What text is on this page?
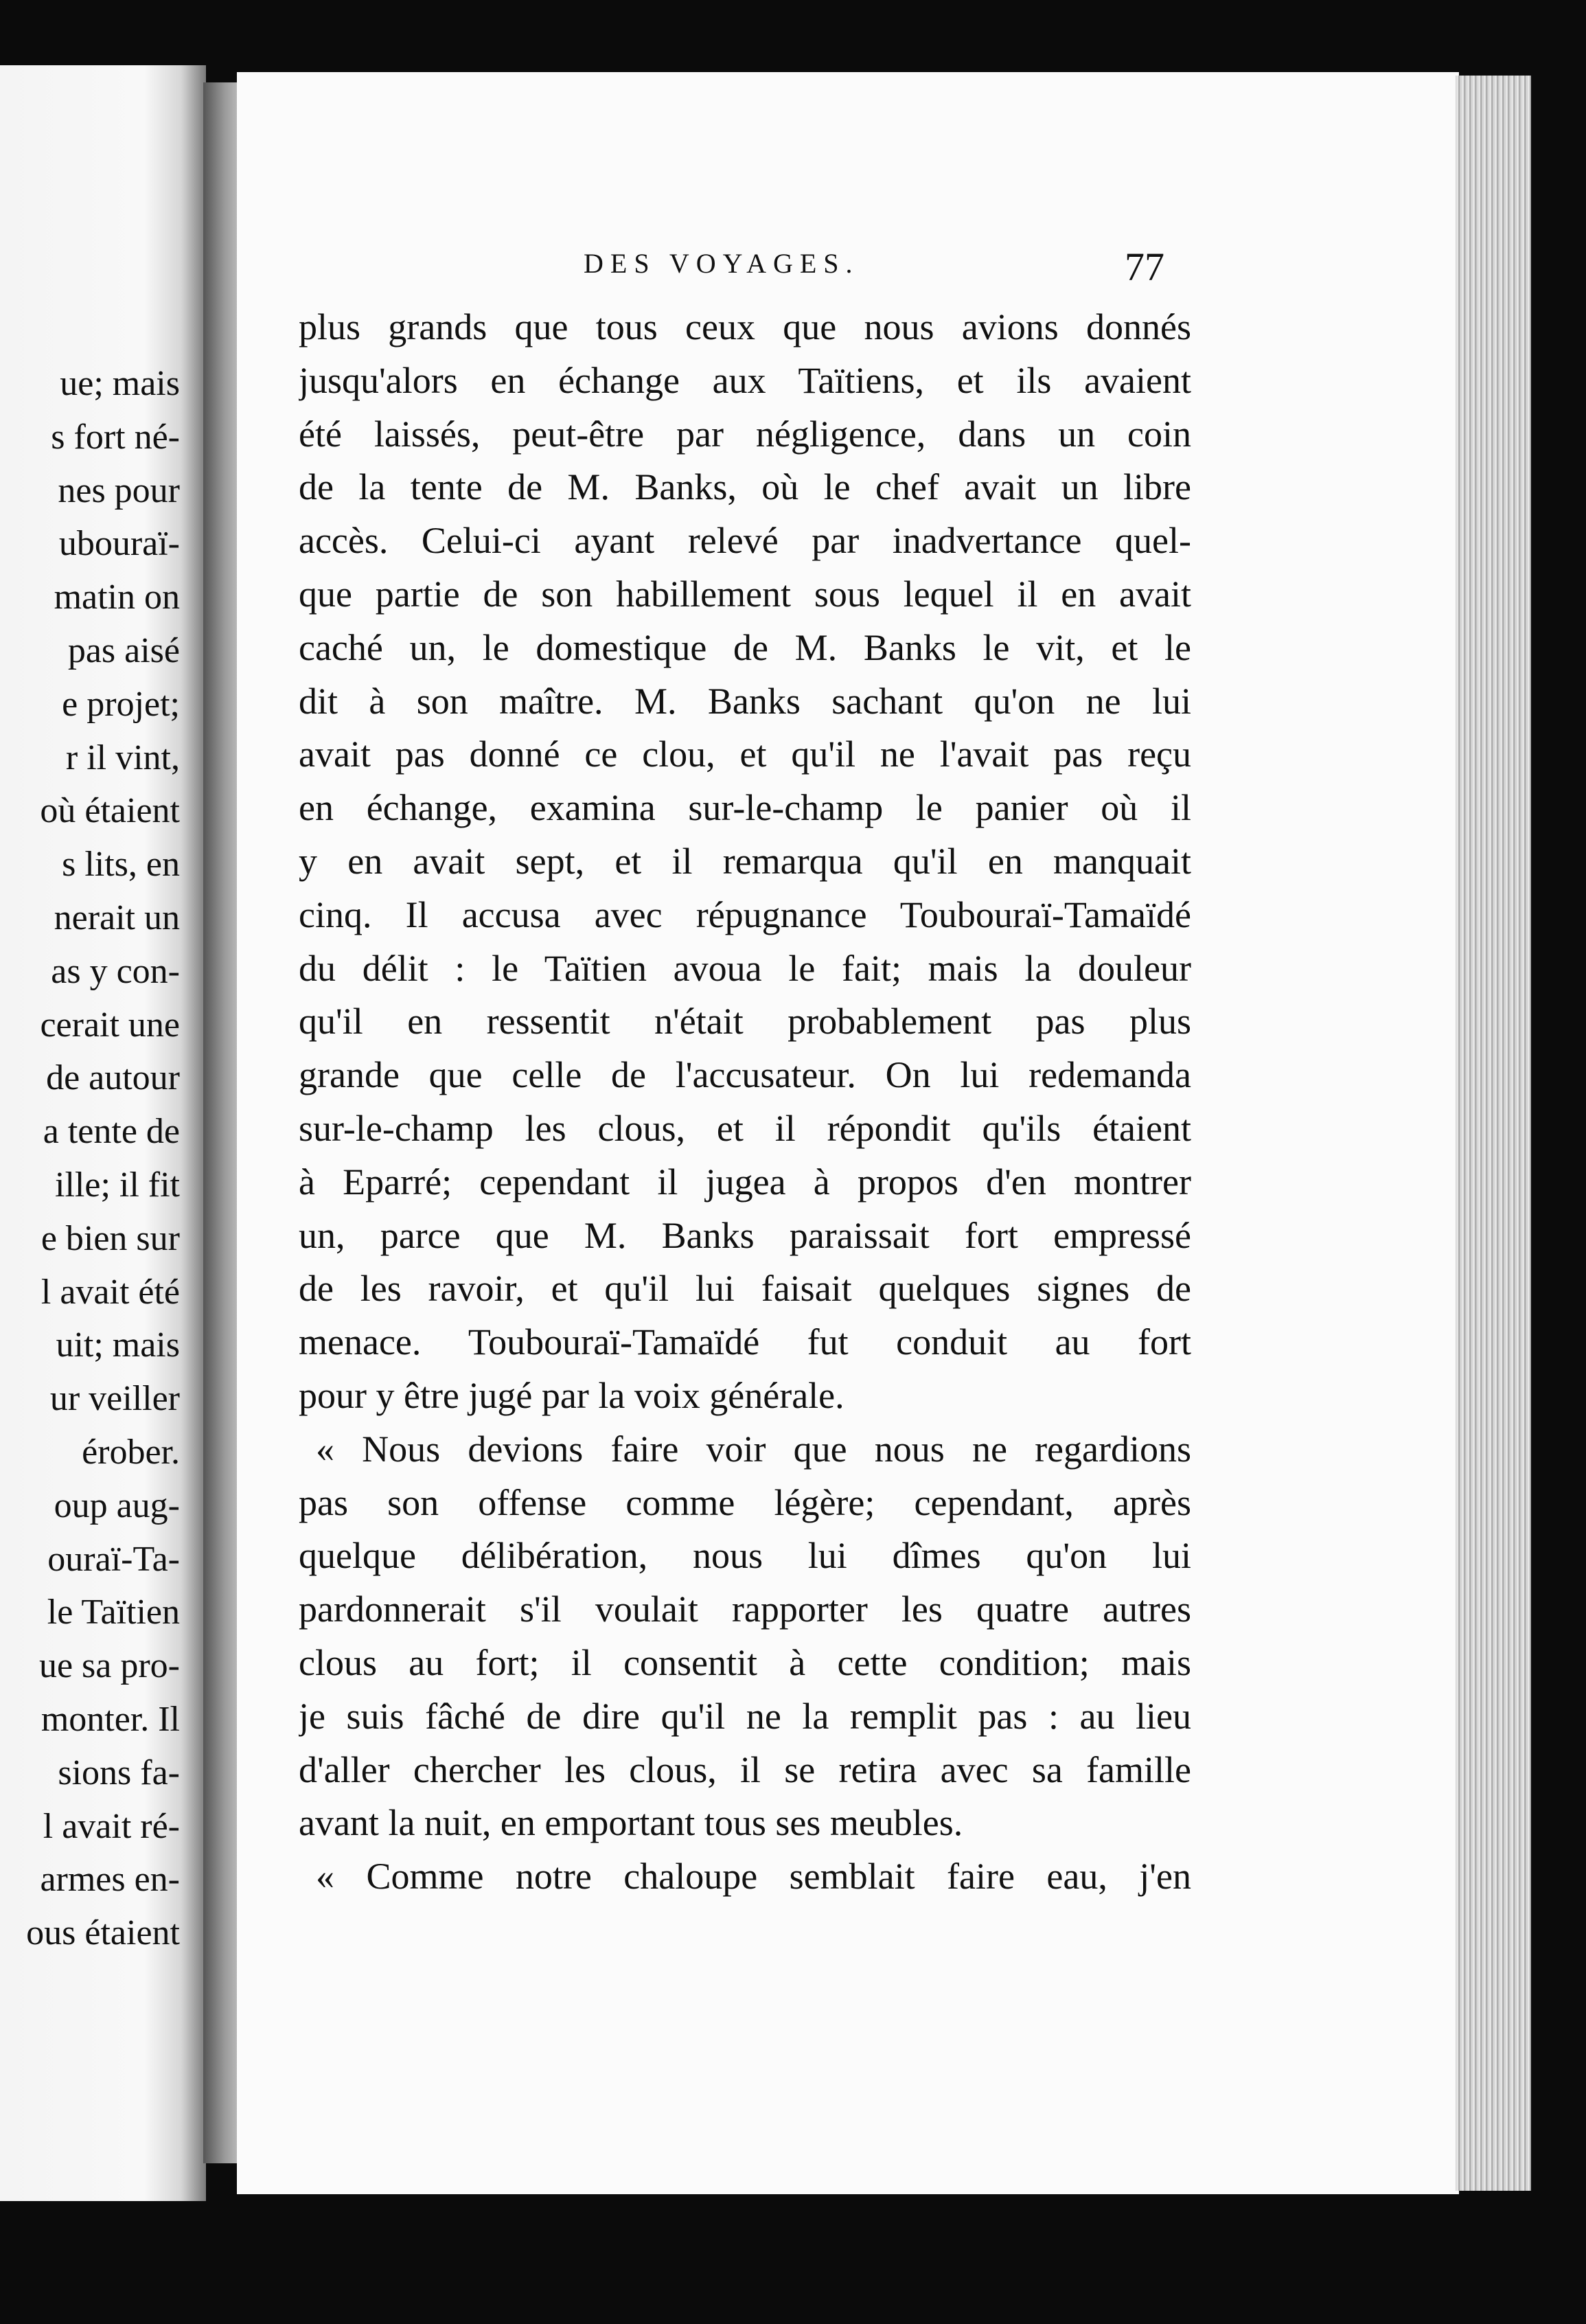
ue; mais
s fort né-
nes pour
ubouraï-
matin on
pas aisé
e projet;
r il vint,
où étaient
s lits, en
nerait un
as y con-
cerait une
de autour
a tente de
ille; il fit
e bien sur
l avait été
uit; mais
ur veiller
érober.
oup aug-
ouraï-Ta-
le Taïtien
ue sa pro-
monter. Il
sions fa-
l avait ré-
armes en-
ous étaient
DES VOYAGES.	77
plus grands que tous ceux que nous avions donnés
jusqu'alors en échange aux Taïtiens, et ils avaient
été laissés, peut-être par négligence, dans un coin
de la tente de M. Banks, où le chef avait un libre
accès. Celui-ci ayant relevé par inadvertance quel-
que partie de son habillement sous lequel il en avait
caché un, le domestique de M. Banks le vit, et le
dit à son maître. M. Banks sachant qu'on ne lui
avait pas donné ce clou, et qu'il ne l'avait pas reçu
en échange, examina sur-le-champ le panier où il
y en avait sept, et il remarqua qu'il en manquait
cinq. Il accusa avec répugnance Toubouraï-Tamaïdé
du délit : le Taïtien avoua le fait; mais la douleur
qu'il en ressentit n'était probablement pas plus
grande que celle de l'accusateur. On lui redemanda
sur-le-champ les clous, et il répondit qu'ils étaient
à Eparré; cependant il jugea à propos d'en montrer
un, parce que M. Banks paraissait fort empressé
de les ravoir, et qu'il lui faisait quelques signes de
menace. Toubouraï-Tamaïdé fut conduit au fort
pour y être jugé par la voix générale.
« Nous devions faire voir que nous ne regardions
pas son offense comme légère; cependant, après
quelque délibération, nous lui dîmes qu'on lui
pardonnerait s'il voulait rapporter les quatre autres
clous au fort; il consentit à cette condition; mais
je suis fâché de dire qu'il ne la remplit pas : au lieu
d'aller chercher les clous, il se retira avec sa famille
avant la nuit, en emportant tous ses meubles.
« Comme notre chaloupe semblait faire eau, j'en
